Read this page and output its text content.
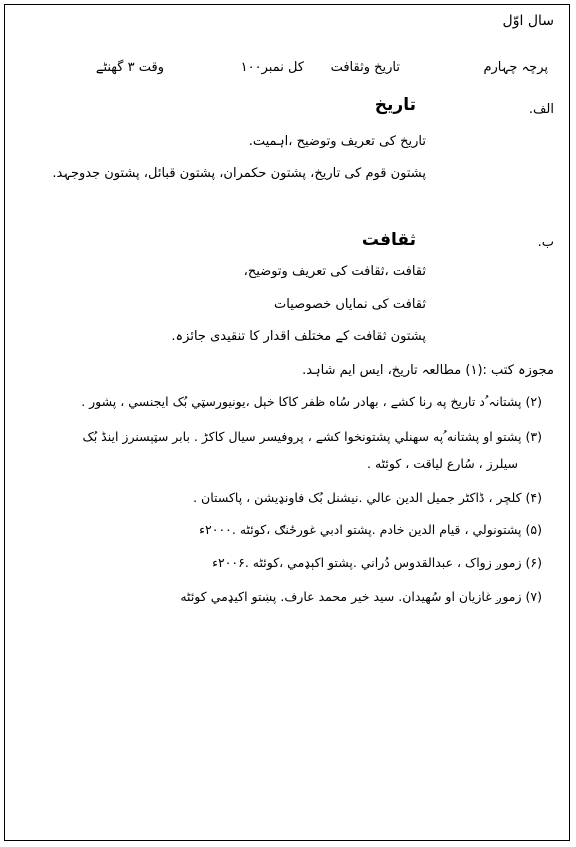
سال اوّل
پرچہ چہارم
تاریخ وثقافت
کل نمبر۱۰۰
وقت ۳ گھنٹے
الف.
تاریخ
تاریخ کی تعریف وتوضیح ،اہمیت.
پشتون قوم کی تاریخ، پشتون حکمران، پشتون قبائل، پشتون جدوجہد.
ب.
ثقافت
ثقافت ،ثقافت کی تعریف وتوضیح،
ثقافت کی نمایاں خصوصیات
پشتون ثقافت کے مختلف اقدار کا تنقیدی جائزہ.
مجوزہ کتب :(۱) مطالعہ تاریخ، ایس ایم شاہد.
(۲) پشتانہ ُد تاریخ په رنا کشے ، بهادر سُاه ظفر کاکا خېل ،یونیورسټي بُک ایجنسي ، پشور .
(۳) پشتو او پشتانه ُپه سهنلي پشتونخوا کشے ، پروفیسر سیال کاکڑ . بابر سټېسنرز اینڈ بُک
سیلرز ، سُارع لیاقت ، کوئٹه .
(۴) کلچر ، ڈاکٹر جمیل الدین عالي .نیشنل بُک فاونډیشن ، پاکستان .
(۵) پشتونولي ، قیام الدین خادم .پشتو ادبي غورځنګ ،کوئٹه .۲۰۰۰ء
(۶) زموږ زواک ، عبدالقدوس دُراني .پشتو اکېډمي ،کوئٹه .۲۰۰۶ء
(۷) زموږ غازیان او سُهیدان. سید خیر محمد عارف. پښتو اکیډمي کوئٹه
